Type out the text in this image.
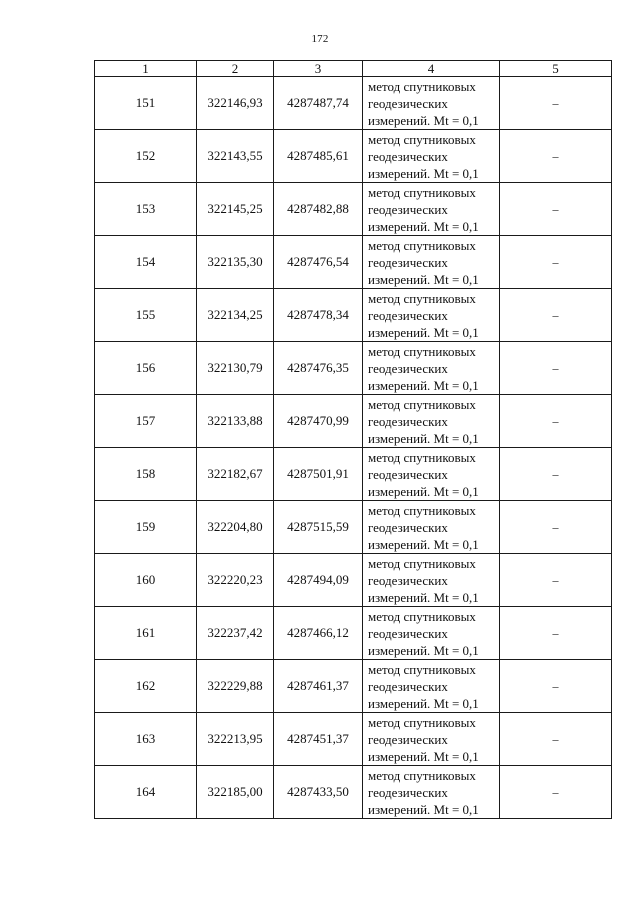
172
1	2	3	4	5
151	322146,93	4287487,74	метод спутниковых
геодезических
измерений. Mt = 0,1	–
152	322143,55	4287485,61	метод спутниковых
геодезических
измерений. Mt = 0,1	–
153	322145,25	4287482,88	метод спутниковых
геодезических
измерений. Mt = 0,1	–
154	322135,30	4287476,54	метод спутниковых
геодезических
измерений. Mt = 0,1	–
155	322134,25	4287478,34	метод спутниковых
геодезических
измерений. Mt = 0,1	–
156	322130,79	4287476,35	метод спутниковых
геодезических
измерений. Mt = 0,1	–
157	322133,88	4287470,99	метод спутниковых
геодезических
измерений. Mt = 0,1	–
158	322182,67	4287501,91	метод спутниковых
геодезических
измерений. Mt = 0,1	–
159	322204,80	4287515,59	метод спутниковых
геодезических
измерений. Mt = 0,1	–
160	322220,23	4287494,09	метод спутниковых
геодезических
измерений. Mt = 0,1	–
161	322237,42	4287466,12	метод спутниковых
геодезических
измерений. Mt = 0,1	–
162	322229,88	4287461,37	метод спутниковых
геодезических
измерений. Mt = 0,1	–
163	322213,95	4287451,37	метод спутниковых
геодезических
измерений. Mt = 0,1	–
164	322185,00	4287433,50	метод спутниковых
геодезических
измерений. Mt = 0,1	–
